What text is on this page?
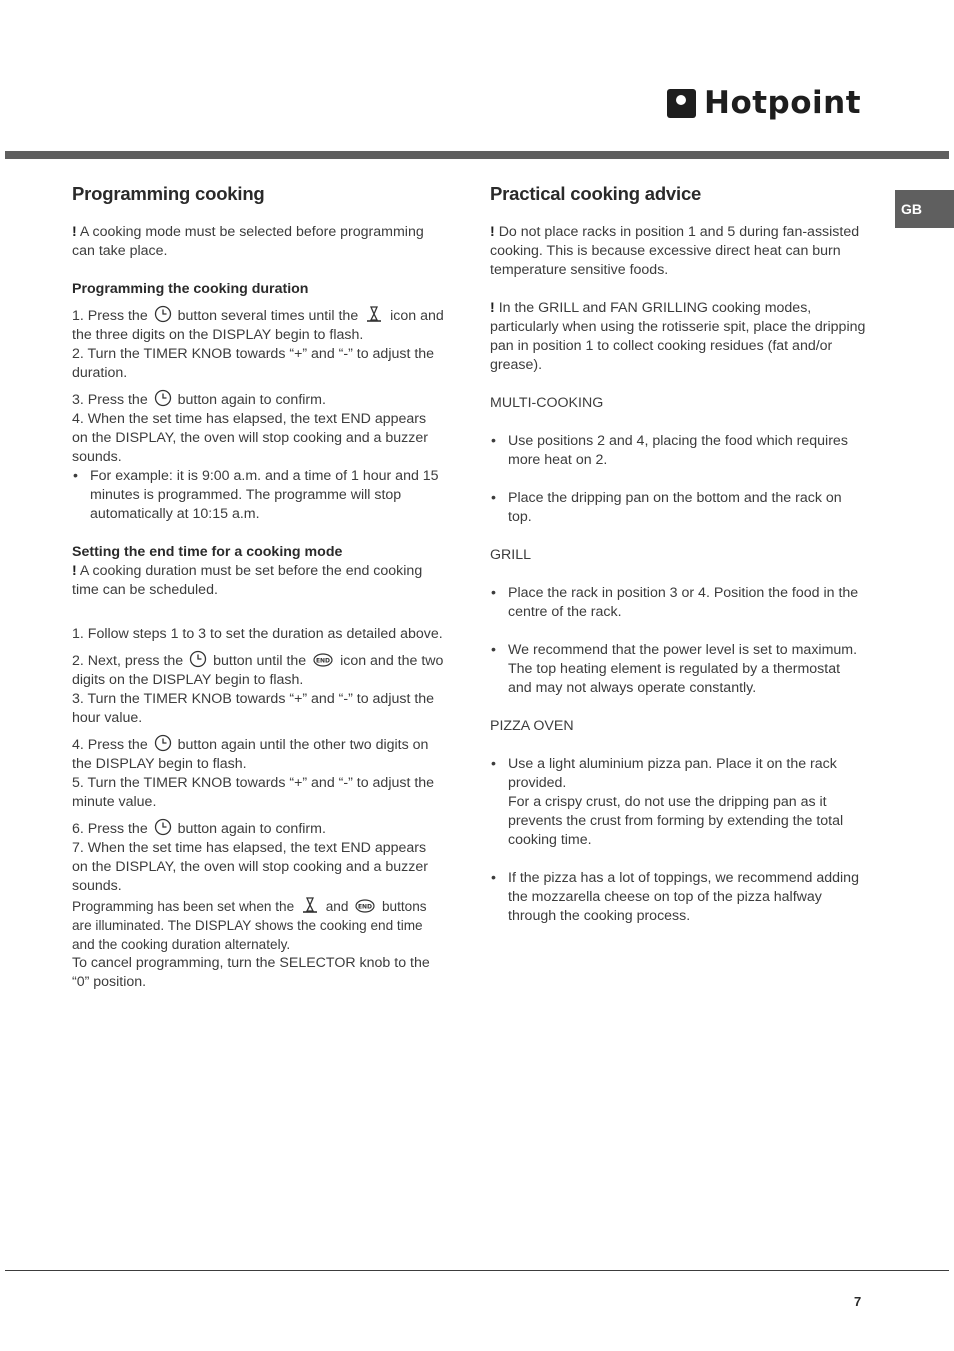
Hotpoint
GB
Programming cooking

! A cooking mode must be selected before programming can take place.

Programming the cooking duration

1. Press the button several times until the icon and the three digits on the DISPLAY begin to flash.

2. Turn the TIMER KNOB towards “+” and “-” to adjust the duration.

3. Press the button again to confirm.

4. When the set time has elapsed, the text END appears on the DISPLAY, the oven will stop cooking and a buzzer sounds.

• For example: it is 9:00 a.m. and a time of 1 hour and 15 minutes is programmed. The programme will stop automatically at 10:15 a.m.

Setting the end time for a cooking mode

! A cooking duration must be set before the end cooking time can be scheduled.

1. Follow steps 1 to 3 to set the duration as detailed above.

2. Next, press the button until the END icon and the two digits on the DISPLAY begin to flash.

3. Turn the TIMER KNOB towards “+” and “-” to adjust the hour value.

4. Press the button again until the other two digits on the DISPLAY begin to flash.

5. Turn the TIMER KNOB towards “+” and “-” to adjust the minute value.

6. Press the button again to confirm.

7. When the set time has elapsed, the text END appears on the DISPLAY, the oven will stop cooking and a buzzer sounds.

Programming has been set when the and END buttons are illuminated. The DISPLAY shows the cooking end time and the cooking duration alternately.

To cancel programming, turn the SELECTOR knob to the “0” position.

Practical cooking advice

! Do not place racks in position 1 and 5 during fan-assisted cooking. This is because excessive direct heat can burn temperature sensitive foods.

! In the GRILL and FAN GRILLING cooking modes, particularly when using the rotisserie spit, place the dripping pan in position 1 to collect cooking residues (fat and/or grease).

MULTI-COOKING

• Use positions 2 and 4, placing the food which requires more heat on 2.

• Place the dripping pan on the bottom and the rack on top.

GRILL

• Place the rack in position 3 or 4. Position the food in the centre of the rack.

• We recommend that the power level is set to maximum. The top heating element is regulated by a thermostat and may not always operate constantly.

PIZZA OVEN

• Use a light aluminium pizza pan. Place it on the rack provided.

For a crispy crust, do not use the dripping pan as it prevents the crust from forming by extending the total cooking time.

• If the pizza has a lot of toppings, we recommend adding the mozzarella cheese on top of the pizza halfway through the cooking process.

7
